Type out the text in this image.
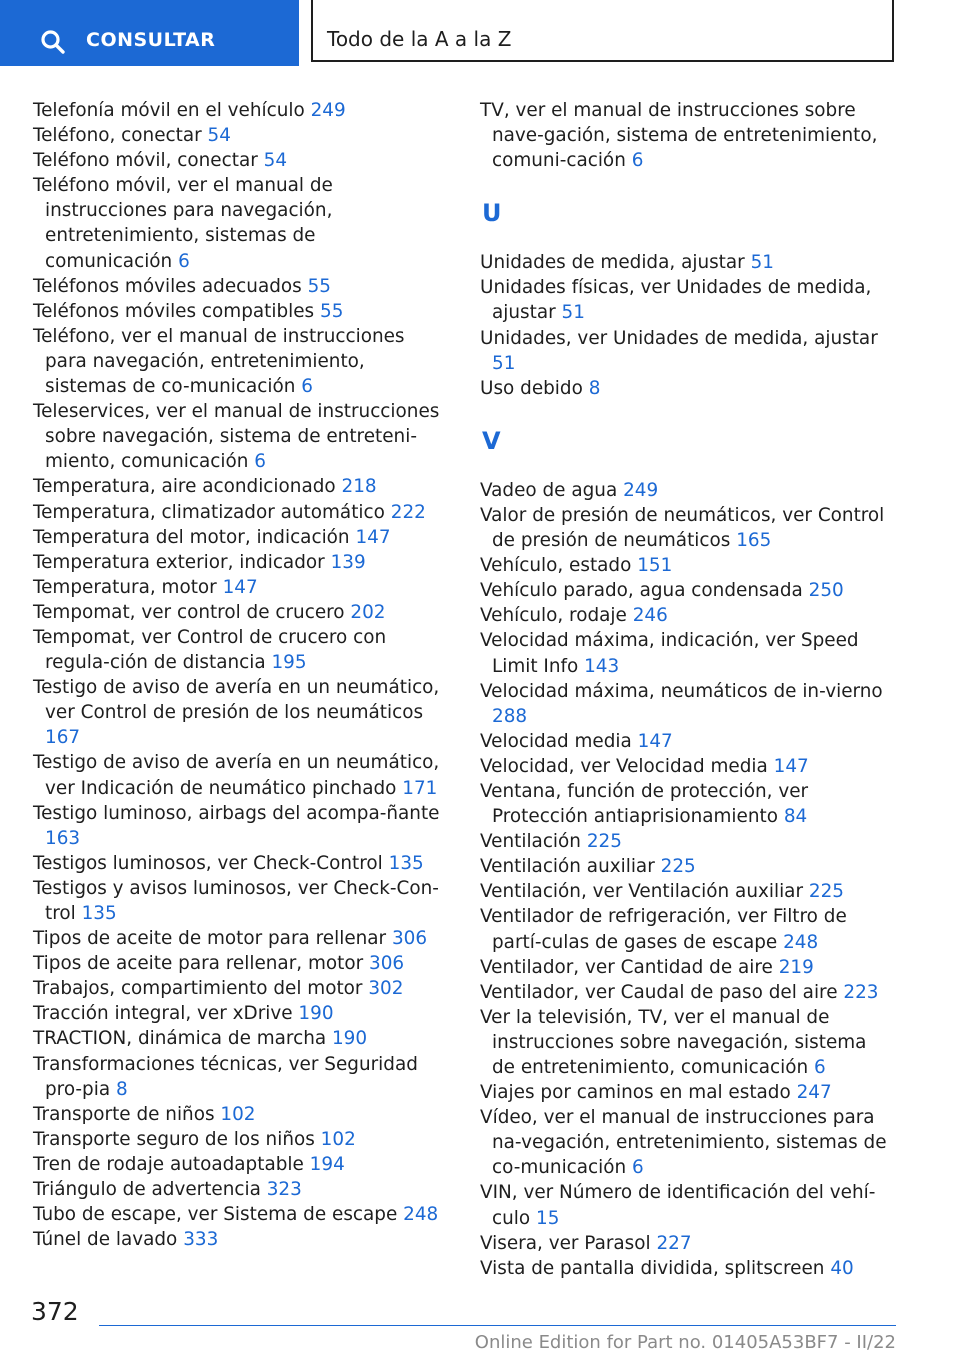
CONSULTAR	Todo de la A a la Z

Telefonía móvil en el vehículo 249

Teléfono, conectar 54

Teléfono móvil, conectar 54

Teléfono móvil, ver el manual de instrucciones para navegación, entretenimiento, sistemas de comunicación 6

Teléfonos móviles adecuados 55

Teléfonos móviles compatibles 55

Teléfono, ver el manual de instrucciones para navegación, entretenimiento, sistemas de co-municación 6

Teleservices, ver el manual de instrucciones sobre navegación, sistema de entreteni-miento, comunicación 6

Temperatura, aire acondicionado 218

Temperatura, climatizador automático 222

Temperatura del motor, indicación 147

Temperatura exterior, indicador 139

Temperatura, motor 147

Tempomat, ver control de crucero 202

Tempomat, ver Control de crucero con regula-ción de distancia 195

Testigo de aviso de avería en un neumático, ver Control de presión de los neumáticos 167

Testigo de aviso de avería en un neumático, ver Indicación de neumático pinchado 171

Testigo luminoso, airbags del acompa-ñante 163

Testigos luminosos, ver Check-Control 135

Testigos y avisos luminosos, ver Check-Con-trol 135

Tipos de aceite de motor para rellenar 306

Tipos de aceite para rellenar, motor 306

Trabajos, compartimiento del motor 302

Tracción integral, ver xDrive 190

TRACTION, dinámica de marcha 190

Transformaciones técnicas, ver Seguridad pro-pia 8

Transporte de niños 102

Transporte seguro de los niños 102

Tren de rodaje autoadaptable 194

Triángulo de advertencia 323

Tubo de escape, ver Sistema de escape 248

Túnel de lavado 333

TV, ver el manual de instrucciones sobre nave-gación, sistema de entretenimiento, comuni-cación 6

U

Unidades de medida, ajustar 51

Unidades físicas, ver Unidades de medida, ajustar 51

Unidades, ver Unidades de medida, ajustar 51

Uso debido 8

V

Vadeo de agua 249

Valor de presión de neumáticos, ver Control de presión de neumáticos 165

Vehículo, estado 151

Vehículo parado, agua condensada 250

Vehículo, rodaje 246

Velocidad máxima, indicación, ver Speed Limit Info 143

Velocidad máxima, neumáticos de in-vierno 288

Velocidad media 147

Velocidad, ver Velocidad media 147

Ventana, función de protección, ver Protección antiaprisionamiento 84

Ventilación 225

Ventilación auxiliar 225

Ventilación, ver Ventilación auxiliar 225

Ventilador de refrigeración, ver Filtro de partí-culas de gases de escape 248

Ventilador, ver Cantidad de aire 219

Ventilador, ver Caudal de paso del aire 223

Ver la televisión, TV, ver el manual de instrucciones sobre navegación, sistema de entretenimiento, comunicación 6

Viajes por caminos en mal estado 247

Vídeo, ver el manual de instrucciones para na-vegación, entretenimiento, sistemas de co-municación 6

VIN, ver Número de identificación del vehí-culo 15

Visera, ver Parasol 227

Vista de pantalla dividida, splitscreen 40

372
Online Edition for Part no. 01405A53BF7 - II/22
